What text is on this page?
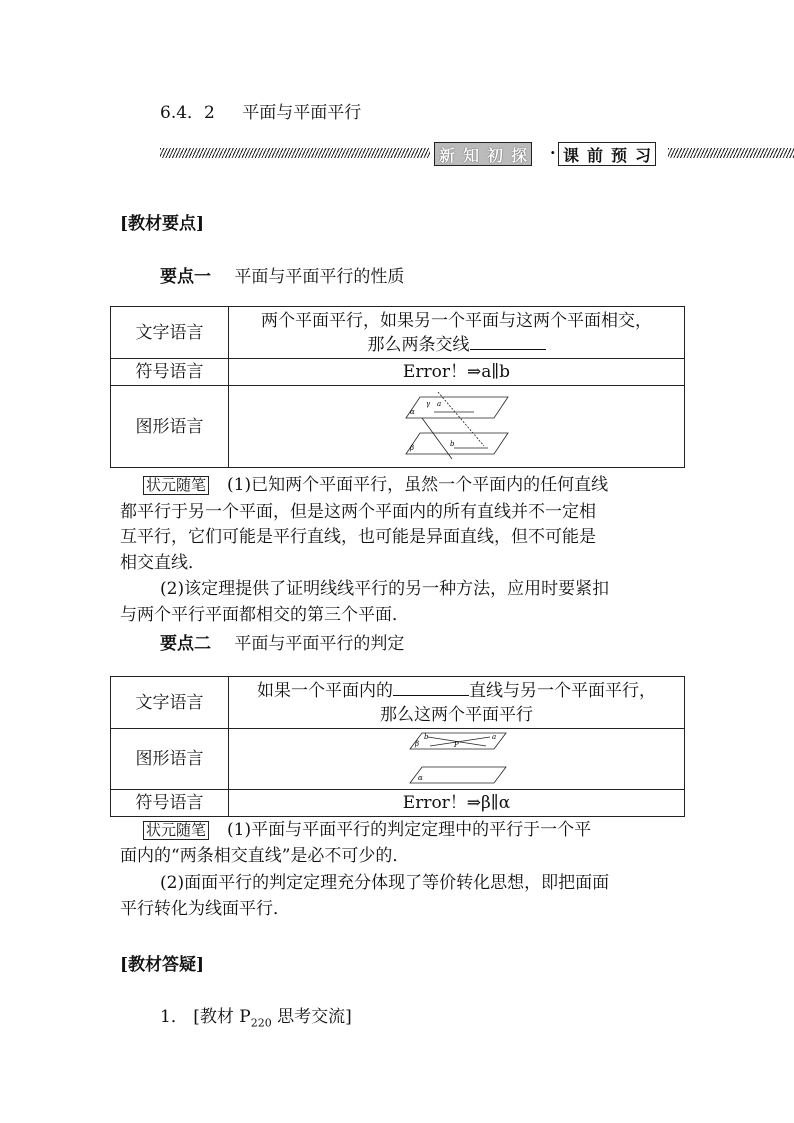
6.4．2 平面与平面平行
新 知 初 探 · 课 前 预 习
[教材要点]
要点一 平面与平面平行的性质
文字语言	两个平面平行，如果另一个平面与这两个平面相交，
那么两条交线

符号语言	Error！⇒a∥b
图形语言	α
γ a
β b
状元随笔 (1)已知两个平面平行，虽然一个平面内的任何直线
都平行于另一个平面，但是这两个平面内的所有直线并不一定相
互平行，它们可能是平行直线，也可能是异面直线，但不可能是
相交直线．
(2)该定理提供了证明线线平行的另一种方法，应用时要紧扣
与两个平行平面都相交的第三个平面．
要点二 平面与平面平行的判定
文字语言	如果一个平面内的 直线与另一个平面平行，
那么这两个平面平行

图形语言	b
β P
a
α

符号语言	Error！⇒β∥α
状元随笔 (1)平面与平面平行的判定定理中的平行于一个平
面内的“两条相交直线”是必不可少的．
(2)面面平行的判定定理充分体现了等价转化思想，即把面面
平行转化为线面平行．
[教材答疑]
1． [教材 $P_{220}$ 思考交流]
